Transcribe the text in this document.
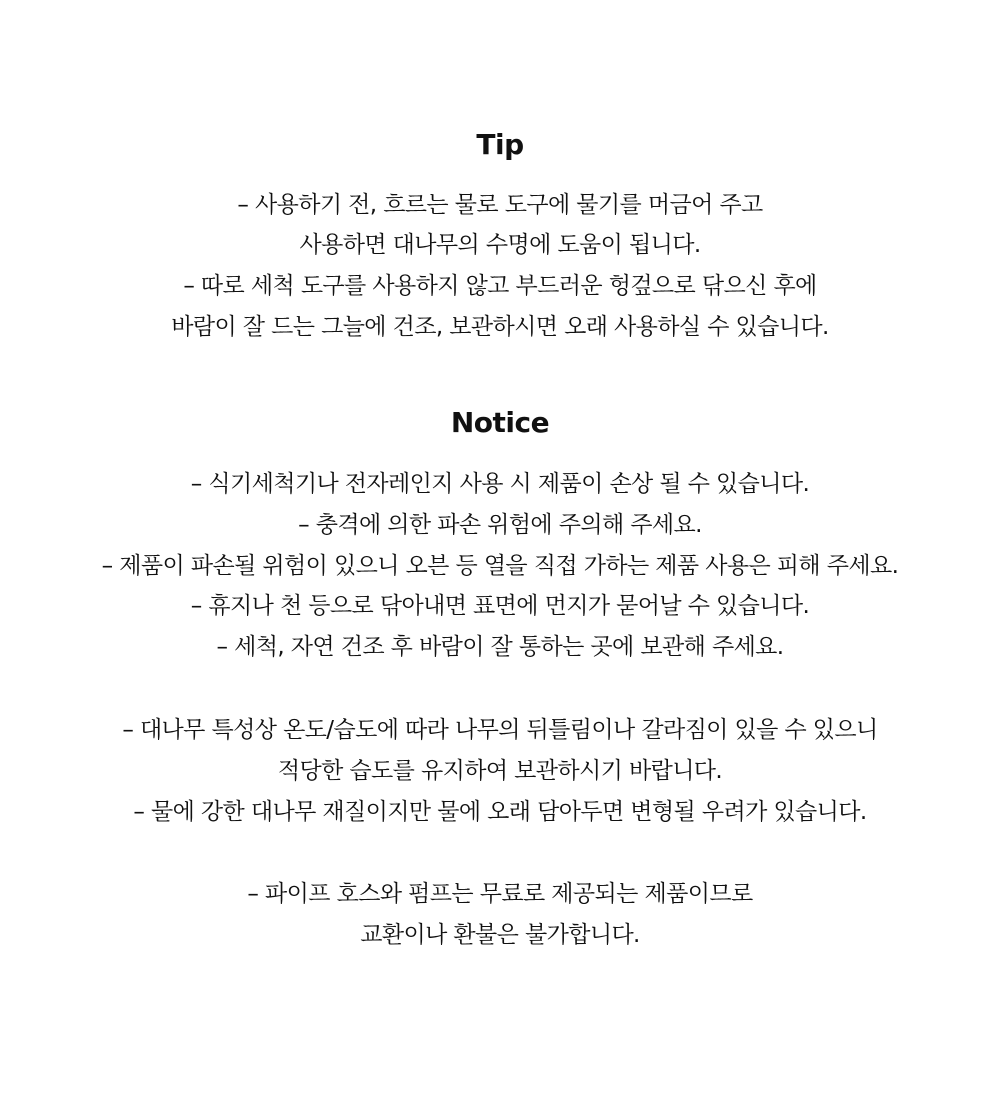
Tip
– 사용하기 전, 흐르는 물로 도구에 물기를 머금어 주고
사용하면 대나무의 수명에 도움이 됩니다.
– 따로 세척 도구를 사용하지 않고 부드러운 헝겊으로 닦으신 후에
바람이 잘 드는 그늘에 건조, 보관하시면 오래 사용하실 수 있습니다.
Notice
– 식기세척기나 전자레인지 사용 시 제품이 손상 될 수 있습니다.
– 충격에 의한 파손 위험에 주의해 주세요.
– 제품이 파손될 위험이 있으니 오븐 등 열을 직접 가하는 제품 사용은 피해 주세요.
– 휴지나 천 등으로 닦아내면 표면에 먼지가 묻어날 수 있습니다.
– 세척, 자연 건조 후 바람이 잘 통하는 곳에 보관해 주세요.
– 대나무 특성상 온도/습도에 따라 나무의 뒤틀림이나 갈라짐이 있을 수 있으니
적당한 습도를 유지하여 보관하시기 바랍니다.
– 물에 강한 대나무 재질이지만 물에 오래 담아두면 변형될 우려가 있습니다.
– 파이프 호스와 펌프는 무료로 제공되는 제품이므로
교환이나 환불은 불가합니다.
